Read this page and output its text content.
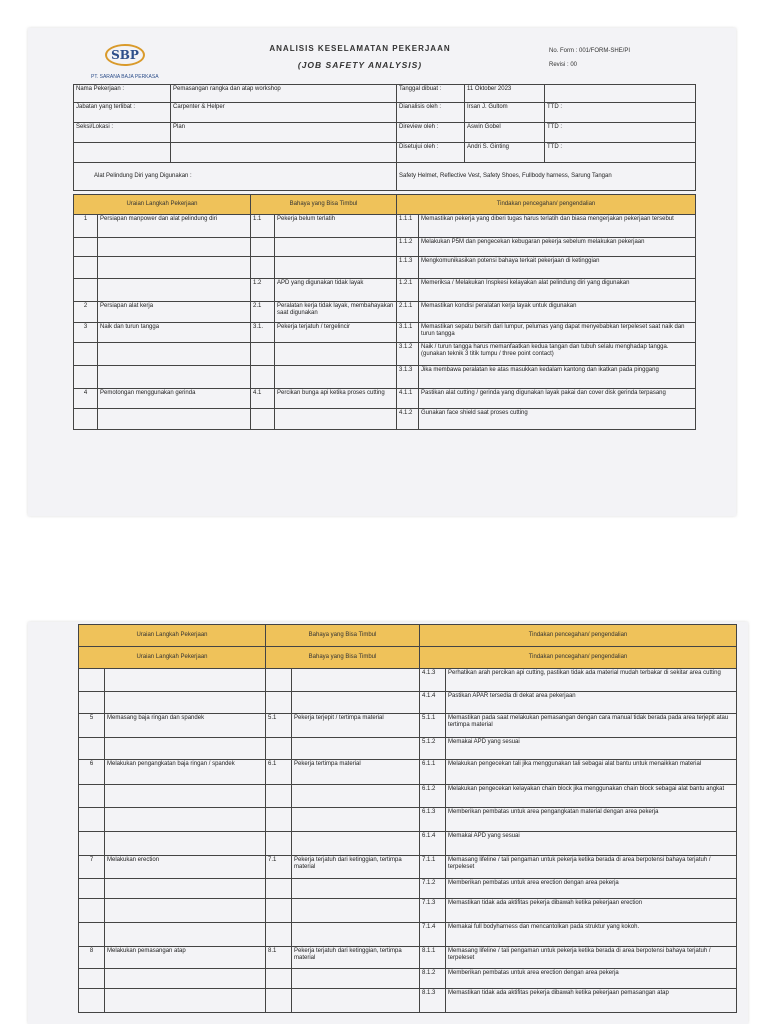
SBP
PT. SARANA BAJA PERKASA
ANALISIS KESELAMATAN PEKERJAAN
(JOB SAFETY ANALYSIS)
No. Form : 001/FORM-SHE/PI
Revisi : 00
Nama Pekerjaan :	Pemasangan rangka dan atap workshop	Tanggal dibuat :	11 Oktober 2023	
Jabatan yang terlibat :	Carpenter & Helper	Dianalisis oleh :	Irsan J. Gultom	TTD :
Seksi/Lokasi :	Plan	Direview oleh :	Aswin Gobel	TTD :
		Disetujui oleh :	Andri S. Ginting	TTD :
Alat Pelindung Diri yang Digunakan :		Safety Helmet, Reflective Vest, Safety Shoes, Fullbody harness, Sarung Tangan		
Uraian Langkah Pekerjaan		Bahaya yang Bisa Timbul		Tindakan pencegahan/ pengendalian	
1	Persiapan manpower dan alat pelindung diri	1.1	Pekerja belum terlatih	1.1.1	Memastikan pekerja yang diberi tugas harus terlatih dan biasa mengerjakan pekerjaan tersebut
				1.1.2	Melakukan P5M dan pengecekan kebugaran pekerja sebelum melakukan pekerjaan
				1.1.3	Mengkomunikasikan potensi bahaya terkait pekerjaan di ketinggian
		1.2	APD yang digunakan tidak layak	1.2.1	Memeriksa / Melakukan Inspkesi kelayakan alat pelindung diri yang digunakan
2	Persiapan alat kerja	2.1	Peralatan kerja tidak layak, membahayakan saat digunakan	2.1.1	Memastikan kondisi peralatan kerja layak untuk digunakan
3	Naik dan turun tangga	3.1.	Pekerja terjatuh / tergelincir	3.1.1	Memastikan sepatu bersih dari lumpur, pelumas yang dapat menyebabkan terpeleset saat naik dan turun tangga
				3.1.2	Naik / turun tangga harus memanfaatkan kedua tangan dan tubuh selalu menghadap tangga. (gunakan teknik 3 titik tumpu / three point contact)
				3.1.3	Jika membawa peralatan ke atas masukkan kedalam kantong dan ikatkan pada pinggang
4	Pemotongan menggunakan gerinda	4.1	Percikan bunga api ketika proses cutting	4.1.1	Pastikan alat cutting / gerinda yang digunakan layak pakai dan cover disk gerinda terpasang
				4.1.2	Gunakan face shield saat proses cutting
Uraian Langkah Pekerjaan		Bahaya yang Bisa Timbul		Tindakan pencegahan/ pengendalian	
Uraian Langkah Pekerjaan		Bahaya yang Bisa Timbul		Tindakan pencegahan/ pengendalian	
				4.1.3	Perhatikan arah percikan api cutting, pastikan tidak ada material mudah terbakar di sekitar area cutting
				4.1.4	Pastikan APAR tersedia di dekat area pekerjaan
5	Memasang baja ringan dan spandek	5.1	Pekerja terjepit / tertimpa material	5.1.1	Memastikan pada saat melakukan pemasangan dengan cara manual tidak berada pada area terjepit atau tertimpa material
				5.1.2	Memakai APD yang sesuai
6	Melakukan pengangkatan baja ringan / spandek	6.1	Pekerja tertimpa material	6.1.1	Melakukan pengecekan tali jika menggunakan tali sebagai alat bantu untuk menaikkan material
				6.1.2	Melakukan pengecekan kelayakan chain block jika menggunakan chain block sebagai alat bantu angkat
				6.1.3	Memberikan pembatas untuk area pengangkatan material dengan area pekerja
				6.1.4	Memakai APD yang sesuai
7	Melakukan erection	7.1	Pekerja terjatuh dari ketinggian, tertimpa material	7.1.1	Memasang lifeline / tali pengaman untuk pekerja ketika berada di area berpotensi bahaya terjatuh / terpeleset
				7.1.2	Memberikan pembatas untuk area erection dengan area pekerja
				7.1.3	Memastikan tidak ada aktifitas pekerja dibawah ketika pekerjaan erection
				7.1.4	Memakai full bodyharness dan mencantolkan pada struktur yang kokoh.
8	Melakukan pemasangan atap	8.1	Pekerja terjatuh dari ketinggian, tertimpa material	8.1.1	Memasang lifeline / tali pengaman untuk pekerja ketika berada di area berpotensi bahaya terjatuh / terpeleset
				8.1.2	Memberikan pembatas untuk area erection dengan area pekerja
				8.1.3	Memastikan tidak ada aktifitas pekerja dibawah ketika pekerjaan pemasangan atap
